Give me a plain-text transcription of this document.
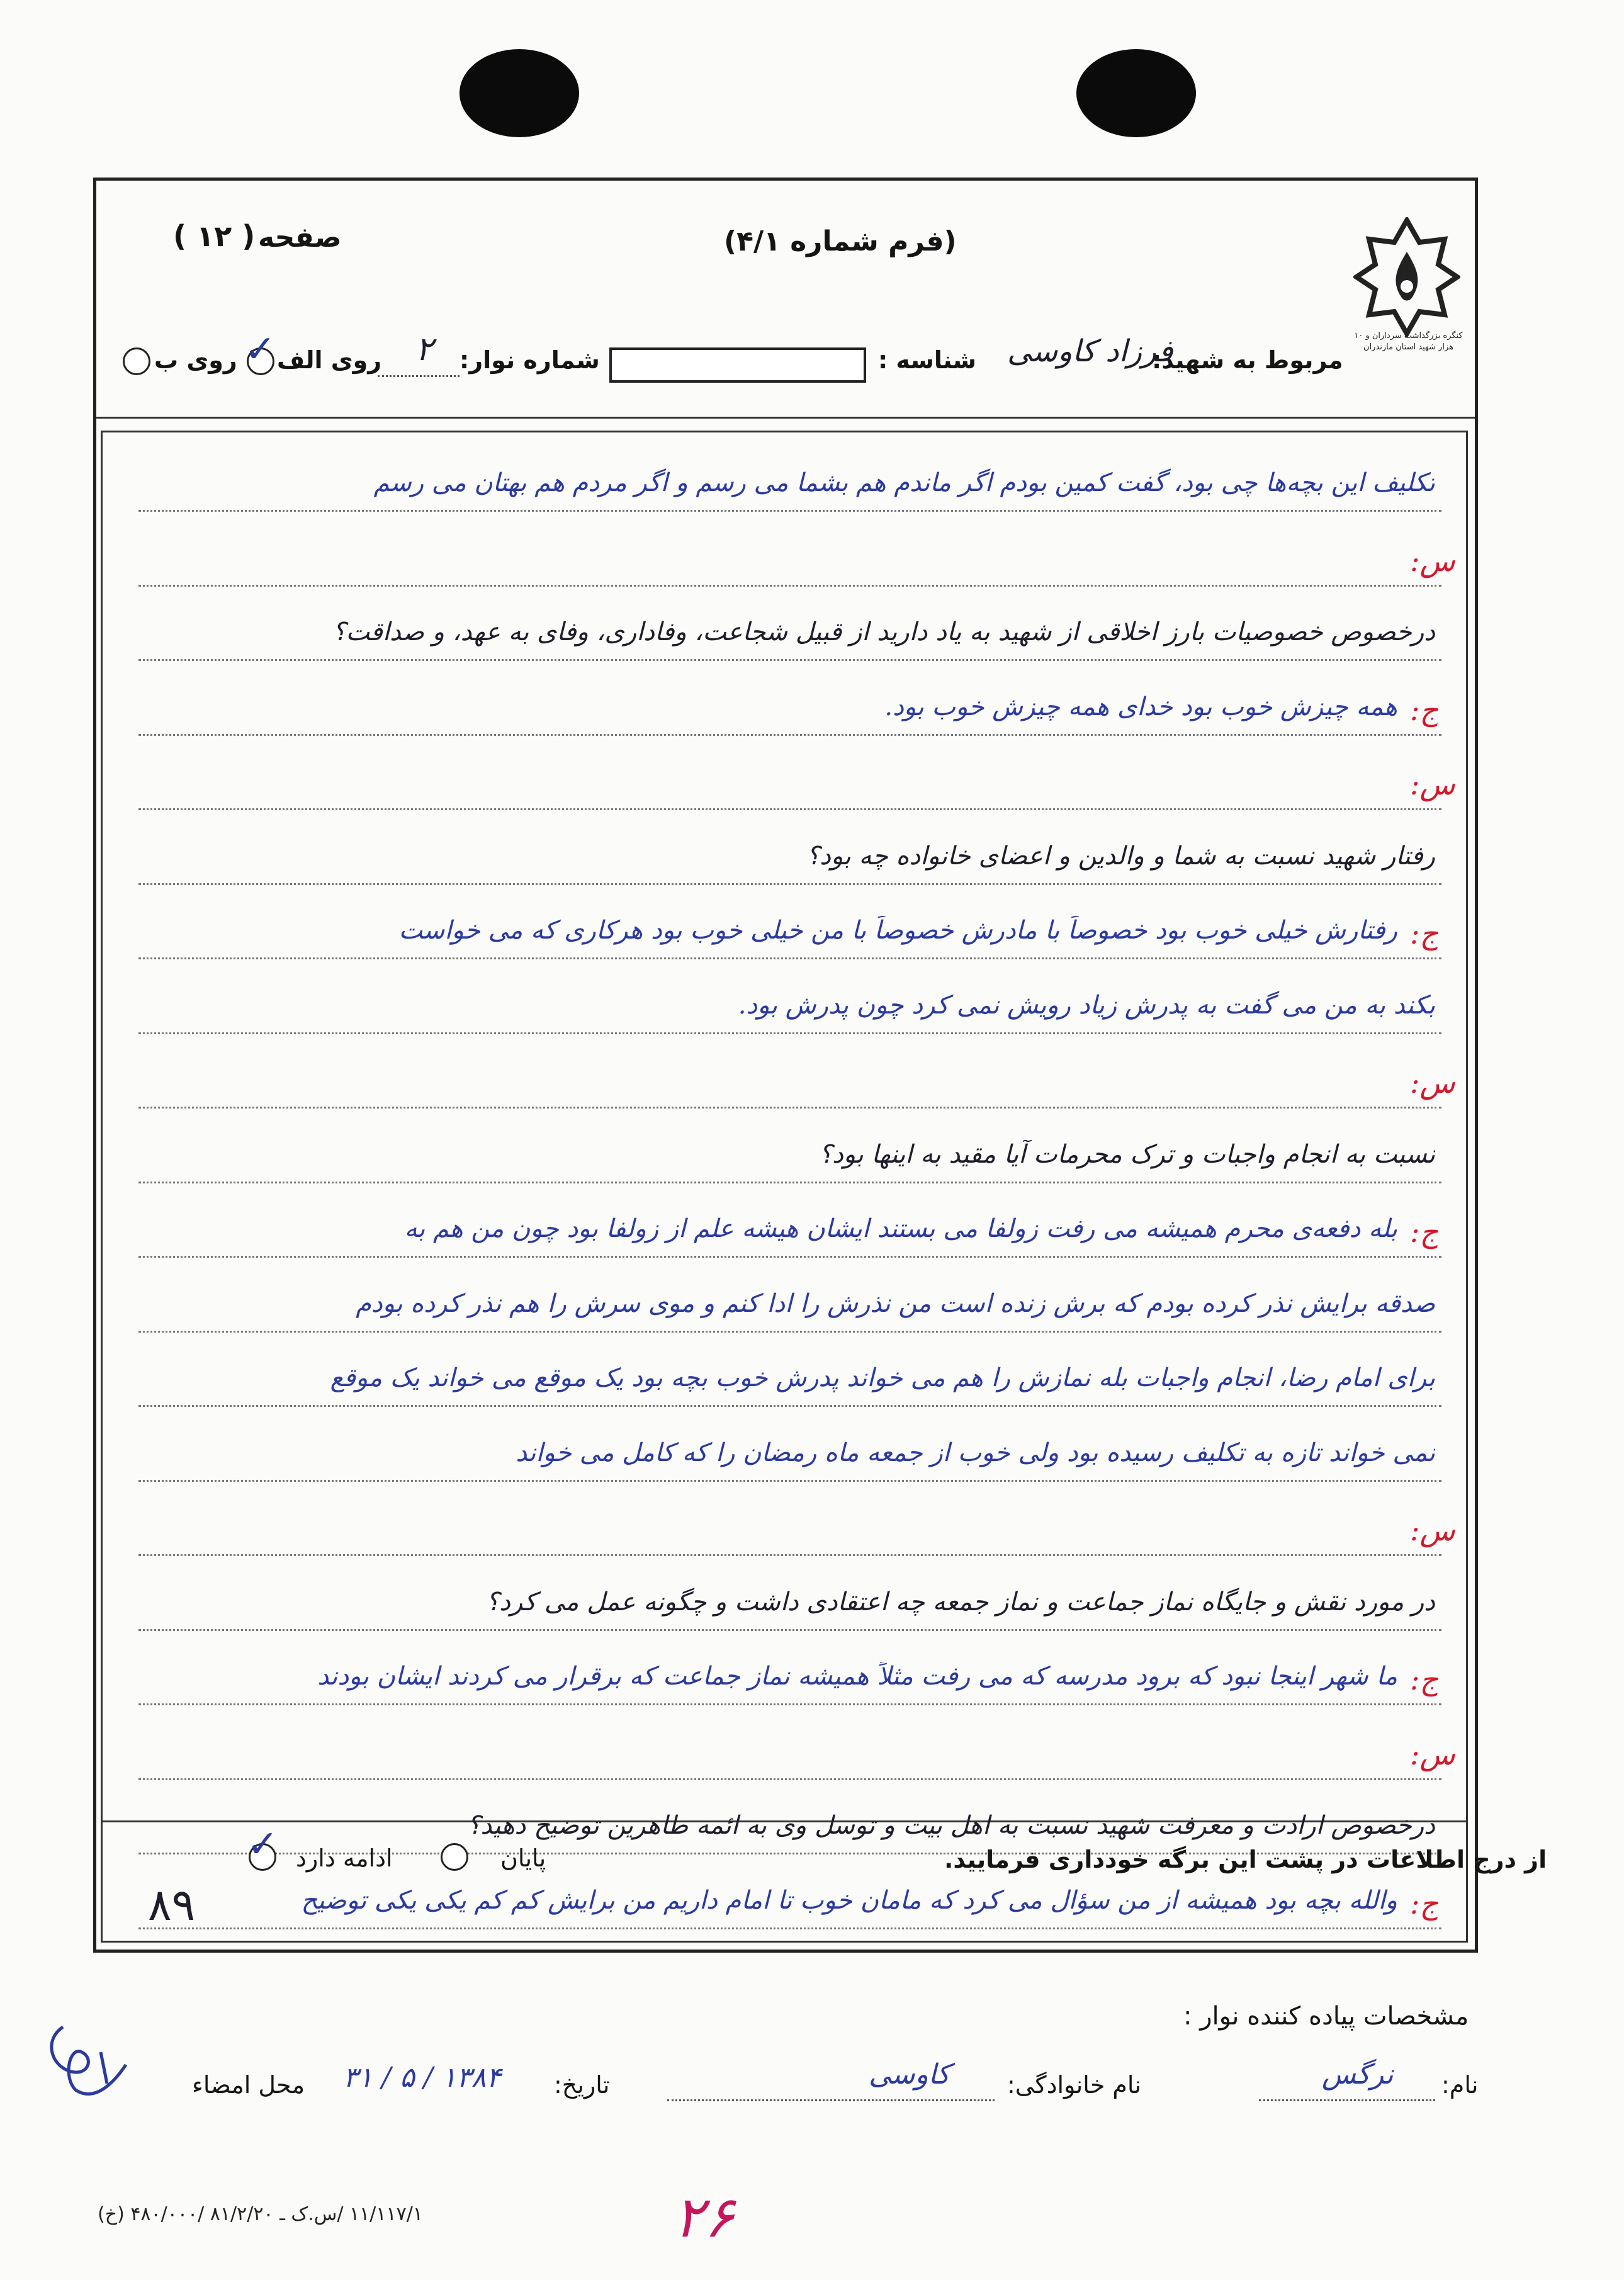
کنگره بزرگداشت سرداران و ۱۰ هزار شهید استان مازندران
(فرم شماره ۴/۱)
صفحه
( ۱۲ )
مربوط به شهید:
فرزاد کاوسی
شناسه :
شماره نوار:
۲
روی الف
✓
روی ب
تکلیف این بچه‌ها چی بود، گفت کمین بودم اگر ماندم هم بشما می رسم و اگر مردم هم بهتان می رسم
س:
درخصوص خصوصیات بارز اخلاقی از شهید به یاد دارید از قبیل شجاعت، وفاداری، وفای به عهد، و صداقت؟
ج:
همه چیزش خوب بود خدای همه چیزش خوب بود.
س:
رفتار شهید نسبت به شما و والدین و اعضای خانواده چه بود؟
ج:
رفتارش خیلی خوب بود خصوصاً با مادرش خصوصاً با من خیلی خوب بود هرکاری که می خواست
بکند به من می گفت به پدرش زیاد رویش نمی کرد چون پدرش بود.
س:
نسبت به انجام واجبات و ترک محرمات آیا مقید به اینها بود؟
ج:
بله دفعه‌ی محرم همیشه می رفت زولفا می بستند ایشان هیشه علم از زولفا بود چون من هم به
صدقه برایش نذر کرده بودم که برش زنده است من نذرش را ادا کنم و موی سرش را هم نذر کرده بودم
برای امام رضا، انجام واجبات بله نمازش را هم می خواند پدرش خوب بچه بود یک موقع می خواند یک موقع
نمی خواند تازه به تکلیف رسیده بود ولی خوب از جمعه ماه رمضان را که کامل می خواند
س:
در مورد نقش و جایگاه نماز جماعت و نماز جمعه چه اعتقادی داشت و چگونه عمل می کرد؟
ج:
ما شهر اینجا نبود که برود مدرسه که می رفت مثلاً همیشه نماز جماعت که برقرار می کردند ایشان بودند
س:
درخصوص ارادت و معرفت شهید نسبت به اهل بیت و توسل وی به ائمه طاهرین توضیح دهید؟
ج:
والله بچه بود همیشه از من سؤال می کرد که مامان خوب تا امام داریم من برایش کم کم یکی یکی توضیح
از درج اطلاعات در پشت این برگه خودداری فرمایید.
پایان
ادامه دارد
✓
۸۹
مشخصات پیاده کننده نوار :
نام:
نرگس
نام خانوادگی:
کاوسی
تاریخ:
۱۳۸۴ / ۵ / ۳۱
محل امضاء
۱۱/۱۱۷/۱ /س.ک ـ ۸۱/۲/۲۰ /۴۸۰/۰۰۰ (خ)	۲۶
